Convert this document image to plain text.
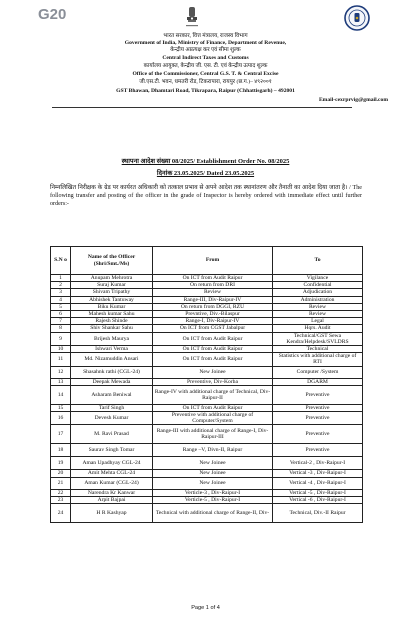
G20
भारत सरकार, वित्त मंत्रालय, राजस्व विभाग
Government of India, Ministry of Finance, Department of Revenue,
केन्द्रीय अप्रत्यक्ष कर एवं सीमा शुल्क
Central Indirect Taxes and Customs
कार्यालय आयुक्त, केन्द्रीय जी. एस. टी. एवं केन्द्रीय उत्पाद शुल्क
Office of the Commissioner, Central G.S. T. & Central Excise
जी.एस.टी. भवन, धमतरी रोड, टिकरापारा, रायपुर (छ.ग.)– ४९२००१
GST Bhawan, Dhamtari Road, Tikrapara, Raipur (Chhattisgarh) – 492001
Email-cexrprvig@gmail.com
स्थापना आदेश संख्या 08/2025/ Establishment Order No. 08/2025
दिनांक 23.05.2025/ Dated 23.05.2025
निम्नलिखित निरीक्षक के ग्रेड पर कार्यरत अधिकारी को तत्काल प्रभाव से अपने आदेश तक स्थानांतरण और तैनाती का आदेश दिया जाता है। / The following transfer and posting of the officer in the grade of Inspector is hereby ordered with immediate effect until further orders:-
S.N o	Name of the Officer (Shri/Smt./Ms)	From	To
1	Anupam Mehrotra	On ICT from Audit Raipur	Vigilance
2	Suraj Kumar	On return from DRI	Confidential
3	Shivam Tripathy	Review	Adjudication
4	Abhishek Tantuway	Range-III, Div-Raipur-IV	Administration
5	Biku Kumar	On return from DGGI, RZU	Review
6	Mahesh kumar Sahu	Prevntive, Div.-Bilaspur	Review
7	Rajesh Shinde	Range-I, Div-Raipur-IV	Legal
8	Shiv Shankar Sahu	On ICT from CGST Jabalpur	Hqrs. Audit
9	Brijesh Maurya	On ICT from Audit Raipur	Technical/GST Sewa Kendra/Helpdesk/SVLDRS
10	Ishwari Verma	On ICT from Audit Raipur	Technical
11	Md. Nizamuddin Ansari	On ICT from Audit Raipur	Statistics with additional charge of RTI
12	Shasahnk rathi (CGL-24)	New Joinee	Computer /System
13	Deepak Mewada	Preventive, Div-Korba	DGARM
14	Asharam Beniwal	Range-IV with additional charge of Technical, Div-Raipur-II	Preventive
15	Tarif Singh	On ICT from Audit Raipur	Preventive
16	Devesh Kumar	Preventive with additional charge of Computer/System	Preventive
17	M. Ravi Prasad	Range-III with additional charge of Range-I, Div-Raipur-III	Preventive
18	Saurav Singh Tomar	Range –V, Divn-II, Raipur	Preventive
19	Aman Upadhyay CGL-24	New Joinee	Vertical-2 , Div-Raipur-I
20	Amit Mehta CGL-24	New Joinee	Vertical -3 , Div-Raipur-I
21	Aman Kumar (CGL-24)	New Joinee	Vertical -4 , Div-Raipur-I
22	Narendra Kr Kanwar	Verticle-3 , Div-Raipur-I	Vertical -5 , Div-Raipur-I
23	Arpit Bajpai	Verticle-5 , Div-Raipur-I	Vertical -6 , Div-Raipur-I
24	H R Kashyap	Technical with additional charge of Range-II, Div-	Technical, Div.-II Raipur
Page 1 of 4
